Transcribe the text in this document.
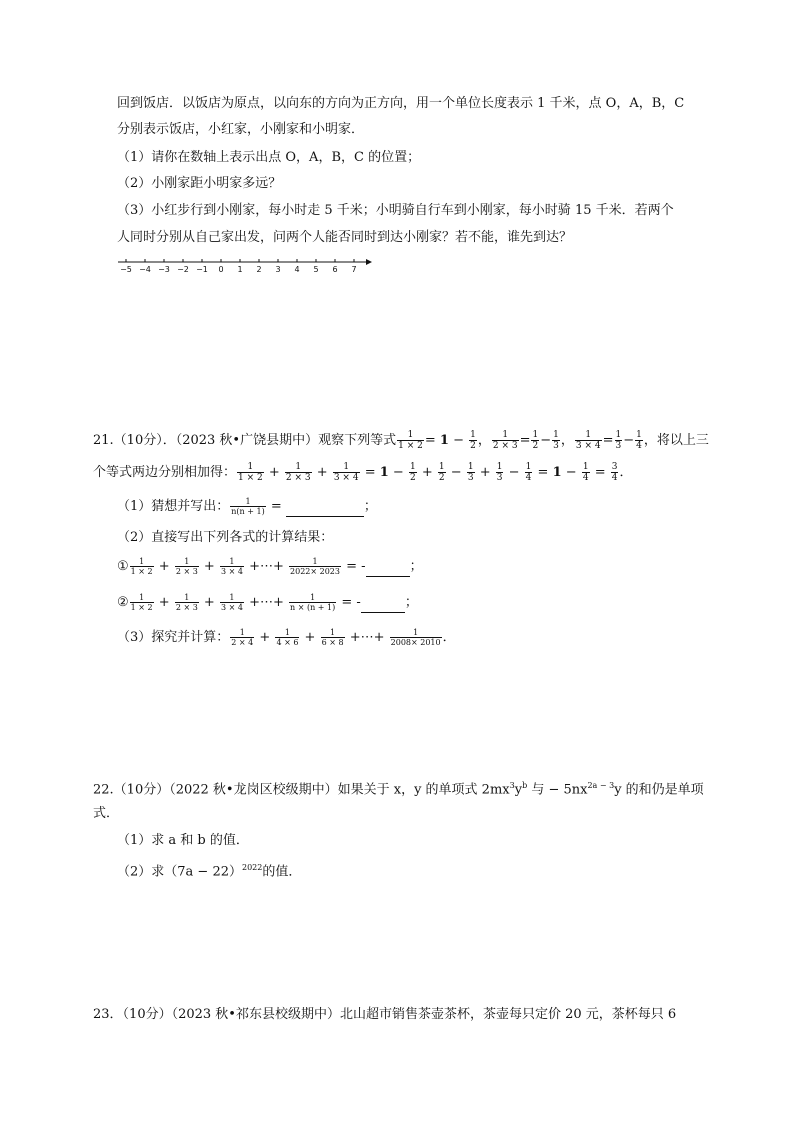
回到饭店．以饭店为原点，以向东的方向为正方向，用一个单位长度表示 1 千米，点 O，A，B，C
分别表示饭店，小红家，小刚家和小明家．
（1）请你在数轴上表示出点 O，A，B，C 的位置；
（2）小刚家距小明家多远？
（3）小红步行到小刚家，每小时走 5 千米；小明骑自行车到小刚家，每小时骑 15 千米．若两个
人同时分别从自己家出发，问两个人能否同时到达小刚家？若不能，谁先到达？
−5 −4 −3 −2 −1 0 1 2 3 4 5 6 7
21.（10分）．（2023 秋•广饶县期中）观察下列等式 $\frac{1}{1 \times 2} = 1 - \frac{1}{2}$ ， $\frac{1}{2 \times 3} = \frac{1}{2} - \frac{1}{3}$ ， $\frac{1}{3 \times 4} = \frac{1}{3} - \frac{1}{4}$ ，将以上三
个等式两边分别相加得： $\frac{1}{1 \times 2} + \frac{1}{2 \times 3} + \frac{1}{3 \times 4} = 1 - \frac{1}{2} + \frac{1}{2} - \frac{1}{3} + \frac{1}{3} - \frac{1}{4} = 1 - \frac{1}{4} = \frac{3}{4}$ ．
（1）猜想并写出： $\frac{1}{n(n + 1)}$ =	；
（2）直接写出下列各式的计算结果：
① $\frac{1}{1 \times 2} + \frac{1}{2 \times 3} + \frac{1}{3 \times 4}$ +⋯+ $\frac{1}{2022\times 2023}$ = -	；
② $\frac{1}{1 \times 2} + \frac{1}{2 \times 3} + \frac{1}{3 \times 4}$ +⋯+ $\frac{1}{n \times (n + 1)}$ = -	；
（3）探究并计算： $\frac{1}{2 \times 4} + \frac{1}{4 \times 6} + \frac{1}{6 \times 8}$ +⋯+ $\frac{1}{2008\times 2010}$ ．
22.（10分）（2022 秋•龙岗区校级期中）如果关于 x，y 的单项式 $2mx^3y^b$ 与 − $5nx^{2a - 3}y$ 的和仍是单项
式．
（1）求 a 和 b 的值．
（2）求$(7a - 22)^{2022}$的值．
23．（10分）（2023 秋•祁东县校级期中）北山超市销售茶壶茶杯，茶壶每只定价 20 元，茶杯每只 6
